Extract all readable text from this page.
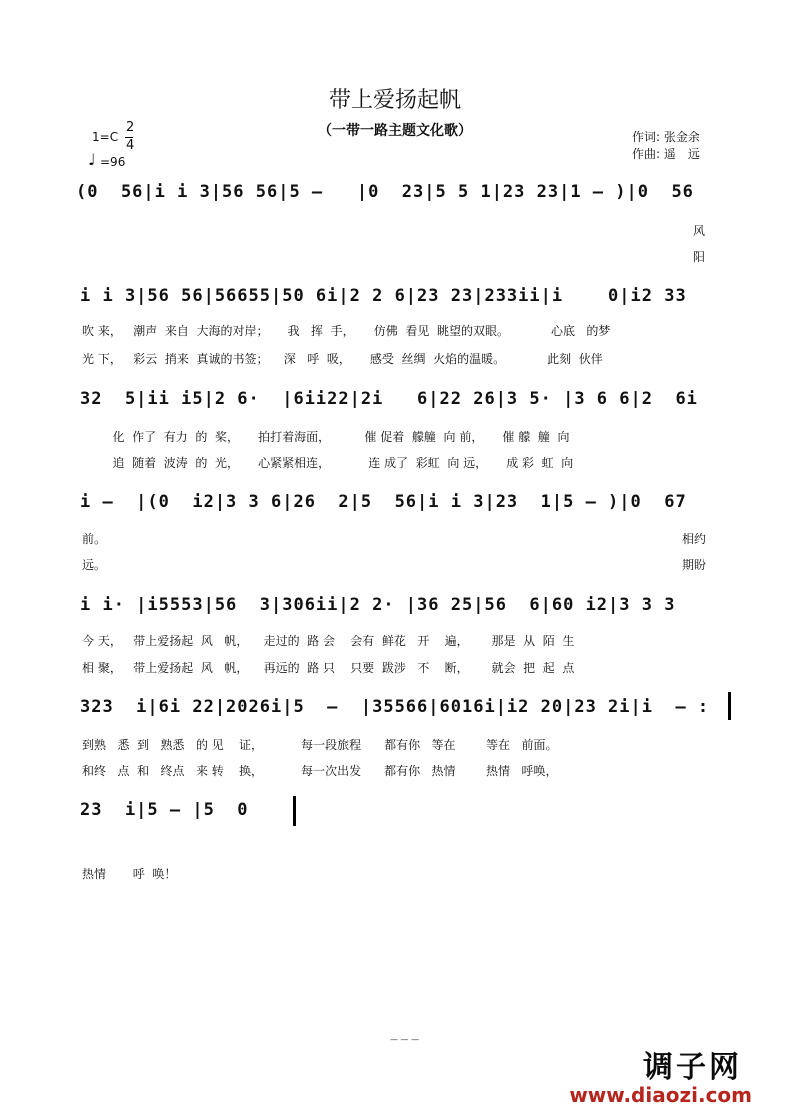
带上爱扬起帆
（一带一路主题文化歌）
1=C
2
4
♩ =96
作词: 张金余
作曲: 遥　远
(0  56|i i 3|56 56|5 –   |0  23|5 5 1|23 23|1 – )|0  56
风
阳
i i 3|56 56|56655|50 6i|2 2 6|23 23|233ii|i    0|i2 33
吹 来，   潮声  来自  大海的对岸；     我   挥  手，     仿佛  看见  眺望的双眼。           心底   的梦
光 下，   彩云  捎来  真诚的书签；    深   呼  吸，     感受  丝绸  火焰的温暖。           此刻  伙伴
32  5|ii i5|2 6·  |6ii22|2i   6|22 26|3 5· |3 6 6|2  6i
化  作了  有力  的  桨，     拍打着海面，         催 促着  艨艟  向 前，     催 艨  艟  向
追  随着  波涛  的  光，     心紧紧相连，          连 成了  彩虹  向 远，     成 彩  虹  向
i –  |(0  i2|3 3 6|26  2|5  56|i i 3|23  1|5 – )|0  67
前。
远。
相约
期盼
i i· |i5553|56  3|306ii|2 2· |36 25|56  6|60 i2|3 3 3
今 天，   带上爱扬起  风   帆，    走过的  路 会    会有  鲜花   开    遍，      那是  从  陌  生
相 聚，   带上爱扬起  风   帆，    再远的  路 只    只要  跋涉   不    断，      就会  把  起  点
323  i|6i 22|2026i|5  –  |35566|6016i|i2 20|23 2i|i  – :
到熟   悉  到   熟悉   的 见    证，          每一段旅程      都有你   等在        等在   前面。
和终   点  和   终点   来 转    换，          每一次出发      都有你   热情        热情   呼唤，
23  i|5 – |5  0
热情       呼  唤！
— — —
调子网
www.diaozi.com
